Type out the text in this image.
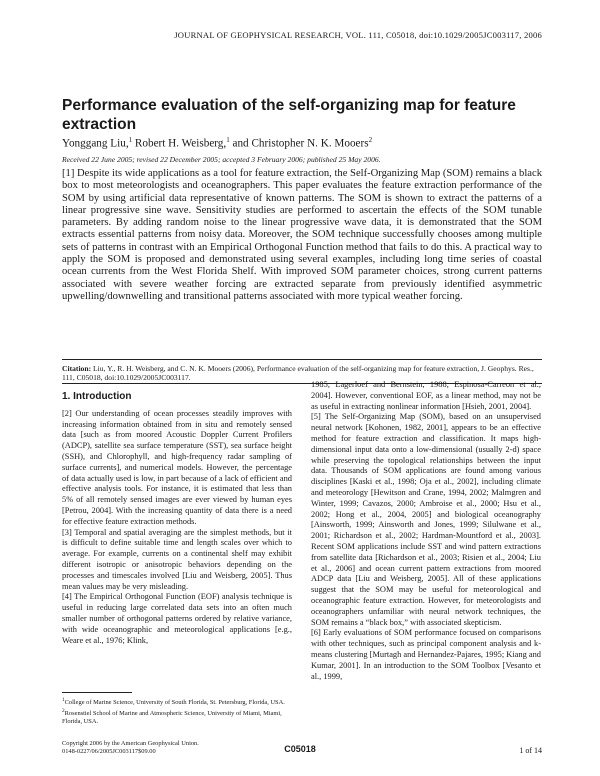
JOURNAL OF GEOPHYSICAL RESEARCH, VOL. 111, C05018, doi:10.1029/2005JC003117, 2006
Performance evaluation of the self-organizing map for feature extraction
Yonggang Liu,$^1$ Robert H. Weisberg,$^1$ and Christopher N. K. Mooers$^2$
Received 22 June 2005; revised 22 December 2005; accepted 3 February 2006; published 25 May 2006.

[1] Despite its wide applications as a tool for feature extraction, the Self-Organizing Map (SOM) remains a black box to most meteorologists and oceanographers. This paper evaluates the feature extraction performance of the SOM by using artificial data representative of known patterns. The SOM is shown to extract the patterns of a linear progressive sine wave. Sensitivity studies are performed to ascertain the effects of the SOM tunable parameters. By adding random noise to the linear progressive wave data, it is demonstrated that the SOM extracts essential patterns from noisy data. Moreover, the SOM technique successfully chooses among multiple sets of patterns in contrast with an Empirical Orthogonal Function method that fails to do this. A practical way to apply the SOM is proposed and demonstrated using several examples, including long time series of coastal ocean currents from the West Florida Shelf. With improved SOM parameter choices, strong current patterns associated with severe weather forcing are extracted separate from previously identified asymmetric upwelling/downwelling and transitional patterns associated with more typical weather forcing.

Citation: Liu, Y., R. H. Weisberg, and C. N. K. Mooers (2006), Performance evaluation of the self-organizing map for feature extraction, J. Geophys. Res., 111, C05018, doi:10.1029/2005JC003117.

1. Introduction

[2] Our understanding of ocean processes steadily improves with increasing information obtained from in situ and remotely sensed data [such as from moored Acoustic Doppler Current Profilers (ADCP), satellite sea surface temperature (SST), sea surface height (SSH), and Chlorophyll, and high-frequency radar sampling of surface currents], and numerical models. However, the percentage of data actually used is low, in part because of a lack of efficient and effective analysis tools. For instance, it is estimated that less than 5% of all remotely sensed images are ever viewed by human eyes [Petrou, 2004]. With the increasing quantity of data there is a need for effective feature extraction methods.

[3] Temporal and spatial averaging are the simplest methods, but it is difficult to define suitable time and length scales over which to average. For example, currents on a continental shelf may exhibit different isotropic or anisotropic behaviors depending on the processes and timescales involved [Liu and Weisberg, 2005]. Thus mean values may be very misleading.

[4] The Empirical Orthogonal Function (EOF) analysis technique is useful in reducing large correlated data sets into an often much smaller number of orthogonal patterns ordered by relative variance, with wide oceanographic and meteorological applications [e.g., Weare et al., 1976; Klink,

1985; Lagerloef and Bernstein, 1988; Espinosa-Carreon et al., 2004]. However, conventional EOF, as a linear method, may not be as useful in extracting nonlinear information [Hsieh, 2001, 2004].

[5] The Self-Organizing Map (SOM), based on an unsupervised neural network [Kohonen, 1982, 2001], appears to be an effective method for feature extraction and classification. It maps high-dimensional input data onto a low-dimensional (usually 2-d) space while preserving the topological relationships between the input data. Thousands of SOM applications are found among various disciplines [Kaski et al., 1998; Oja et al., 2002], including climate and meteorology [Hewitson and Crane, 1994, 2002; Malmgren and Winter, 1999; Cavazos, 2000; Ambroise et al., 2000; Hsu et al., 2002; Hong et al., 2004, 2005] and biological oceanography [Ainsworth, 1999; Ainsworth and Jones, 1999; Silulwane et al., 2001; Richardson et al., 2002; Hardman-Mountford et al., 2003]. Recent SOM applications include SST and wind pattern extractions from satellite data [Richardson et al., 2003; Risien et al., 2004; Liu et al., 2006] and ocean current pattern extractions from moored ADCP data [Liu and Weisberg, 2005]. All of these applications suggest that the SOM may be useful for meteorological and oceanographic feature extraction. However, for meteorologists and oceanographers unfamiliar with neural network techniques, the SOM remains a “black box,” with associated skepticism.

[6] Early evaluations of SOM performance focused on comparisons with other techniques, such as principal component analysis and k-means clustering [Murtagh and Hernandez-Pajares, 1995; Kiang and Kumar, 2001]. In an introduction to the SOM Toolbox [Vesanto et al., 1999,

$^1$College of Marine Science, University of South Florida, St. Petersburg, Florida, USA.
$^2$Rosenstiel School of Marine and Atmospheric Science, University of Miami, Miami, Florida, USA.
Copyright 2006 by the American Geophysical Union.
0148-0227/06/2005JC003117$09.00	C05018	1 of 14
